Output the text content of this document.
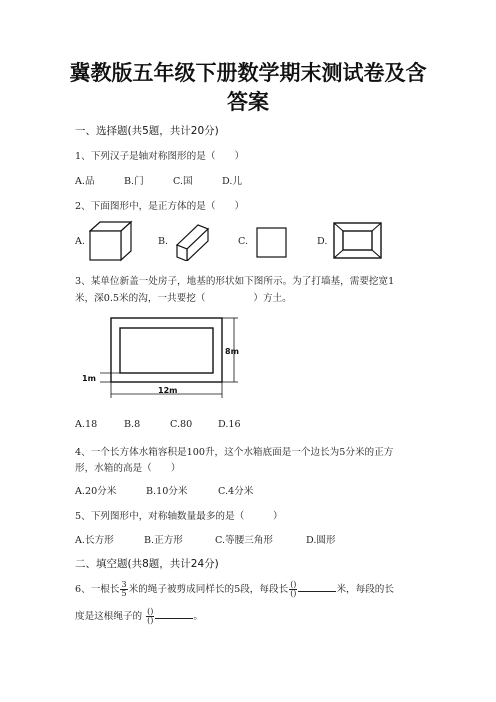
冀教版五年级下册数学期末测试卷及含
答案
一、选择题(共5题，共计20分)
1、下列汉子是轴对称图形的是（　　）
A.品	B.门	C.国	D.儿
2、下面图形中，是正方体的是（　　）
A.	B.	C.	D.
3、某单位新盖一处房子，地基的形状如下图所示。为了打墙基，需要挖宽1
米，深0.5米的沟，一共要挖（　　　　　）方土。
8m
12m
1m
A.18	B.8	C.80	D.16
4、一个长方体水箱容积是100升，这个水箱底面是一个边长为5分米的正方
形，水箱的高是（　　）
A.20分米	B.10分米	C.4分米
5、下列图形中，对称轴数量最多的是（　　　）
A.长方形	B.正方形	C.等腰三角形	D.圆形
二、填空题(共8题，共计24分)
6、一根长 $\frac{3}{5}$ 米的绳子被剪成同样长的5段，每段长 $\frac{()}{()}$	米，每段的长
度是这根绳子的 $\frac{()}{()}$	。
